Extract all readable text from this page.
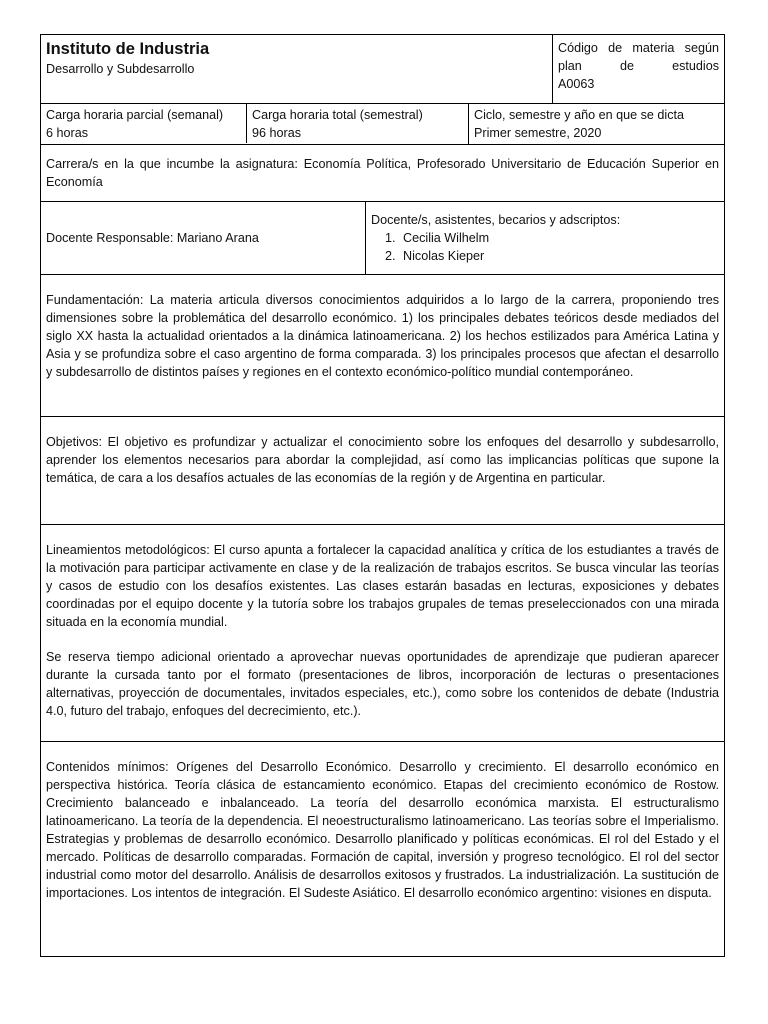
Instituto de Industria
Desarrollo y Subdesarrollo
Código de materia según plan de estudios
A0063
Carga horaria parcial (semanal)
6 horas
Carga horaria total (semestral)
96 horas
Ciclo, semestre y año en que se dicta
Primer semestre, 2020
Carrera/s en la que incumbe la asignatura: Economía Política, Profesorado Universitario de Educación Superior en Economía
Docente Responsable: Mariano Arana
Docente/s, asistentes, becarios y adscriptos:
1. Cecilia Wilhelm
2. Nicolas Kieper
Fundamentación: La materia articula diversos conocimientos adquiridos a lo largo de la carrera, proponiendo tres dimensiones sobre la problemática del desarrollo económico. 1) los principales debates teóricos desde mediados del siglo XX hasta la actualidad orientados a la dinámica latinoamericana. 2) los hechos estilizados para América Latina y Asia y se profundiza sobre el caso argentino de forma comparada. 3) los principales procesos que afectan el desarrollo y subdesarrollo de distintos países y regiones en el contexto económico-político mundial contemporáneo.
Objetivos: El objetivo es profundizar y actualizar el conocimiento sobre los enfoques del desarrollo y subdesarrollo, aprender los elementos necesarios para abordar la complejidad, así como las implicancias políticas que supone la temática, de cara a los desafíos actuales de las economías de la región y de Argentina en particular.

Lineamientos metodológicos: El curso apunta a fortalecer la capacidad analítica y crítica de los estudiantes a través de la motivación para participar activamente en clase y de la realización de trabajos escritos. Se busca vincular las teorías y casos de estudio con los desafíos existentes. Las clases estarán basadas en lecturas, exposiciones y debates coordinadas por el equipo docente y la tutoría sobre los trabajos grupales de temas preseleccionados con una mirada situada en la economía mundial.

Se reserva tiempo adicional orientado a aprovechar nuevas oportunidades de aprendizaje que pudieran aparecer durante la cursada tanto por el formato (presentaciones de libros, incorporación de lecturas o presentaciones alternativas, proyección de documentales, invitados especiales, etc.), como sobre los contenidos de debate (Industria 4.0, futuro del trabajo, enfoques del decrecimiento, etc.).

Contenidos mínimos: Orígenes del Desarrollo Económico. Desarrollo y crecimiento. El desarrollo económico en perspectiva histórica. Teoría clásica de estancamiento económico. Etapas del crecimiento económico de Rostow. Crecimiento balanceado e inbalanceado. La teoría del desarrollo económica marxista. El estructuralismo latinoamericano. La teoría de la dependencia. El neoestructuralismo latinoamericano. Las teorías sobre el Imperialismo. Estrategias y problemas de desarrollo económico. Desarrollo planificado y políticas económicas. El rol del Estado y el mercado. Políticas de desarrollo comparadas. Formación de capital, inversión y progreso tecnológico. El rol del sector industrial como motor del desarrollo. Análisis de desarrollos exitosos y frustrados. La industrialización. La sustitución de importaciones. Los intentos de integración. El Sudeste Asiático. El desarrollo económico argentino: visiones en disputa.
